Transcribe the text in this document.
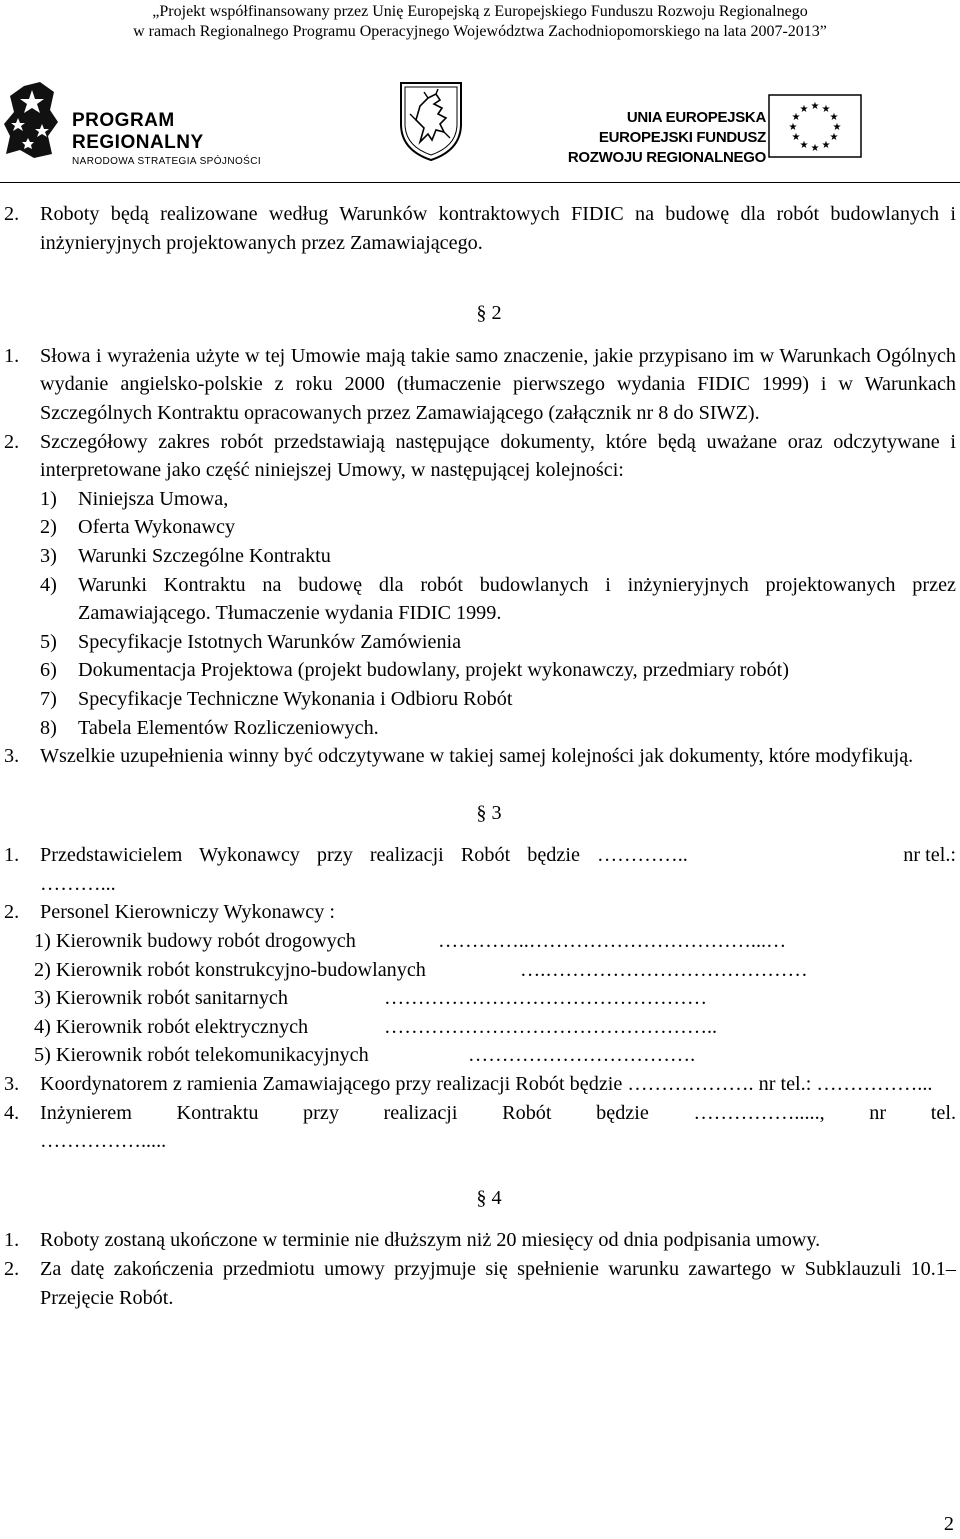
„Projekt współfinansowany przez Unię Europejską z Europejskiego Funduszu Rozwoju Regionalnego
w ramach Regionalnego Programu Operacyjnego Województwa Zachodniopomorskiego na lata 2007-2013”
PROGRAM REGIONALNY
NARODOWA STRATEGIA SPÓJNOŚCI
UNIA EUROPEJSKA
EUROPEJSKI FUNDUSZ
ROZWOJU REGIONALNEGO
★ ★
★
★
★
★
★
★
★
★
★
★
2. Roboty będą realizowane według Warunków kontraktowych FIDIC na budowę dla robót budowlanych i inżynieryjnych projektowanych przez Zamawiającego.
§ 2
1. Słowa i wyrażenia użyte w tej Umowie mają takie samo znaczenie, jakie przypisano im w Warunkach Ogólnych wydanie angielsko-polskie z roku 2000 (tłumaczenie pierwszego wydania FIDIC 1999) i w Warunkach Szczególnych Kontraktu opracowanych przez Zamawiającego (załącznik nr 8 do SIWZ).
2. Szczegółowy zakres robót przedstawiają następujące dokumenty, które będą uważane oraz odczytywane i interpretowane jako część niniejszej Umowy, w następującej kolejności:
1) Niniejsza Umowa,
2) Oferta Wykonawcy
3) Warunki Szczególne Kontraktu
4) Warunki Kontraktu na budowę dla robót budowlanych i inżynieryjnych projektowanych przez Zamawiającego. Tłumaczenie wydania FIDIC 1999.
5) Specyfikacje Istotnych Warunków Zamówienia
6) Dokumentacja Projektowa (projekt budowlany, projekt wykonawczy, przedmiary robót)
7) Specyfikacje Techniczne Wykonania i Odbioru Robót
8) Tabela Elementów Rozliczeniowych.
3. Wszelkie uzupełnienia winny być odczytywane w takiej samej kolejności jak dokumenty, które modyfikują.
§ 3
1. Przedstawicielem Wykonawcy przy realizacji Robót będzie …………..	nr tel.:
………...
2. Personel Kierowniczy Wykonawcy :
1) Kierownik budowy robót drogowych	…………..……………………………...…
2) Kierownik robót konstrukcyjno-budowlanych	….…………………………………
3) Kierownik robót sanitarnych	…………………………………………
4) Kierownik robót elektrycznych	…………………………………………..
5) Kierownik robót telekomunikacyjnych	…………………………….
3. Koordynatorem z ramienia Zamawiającego przy realizacji Robót będzie ………………. nr tel.: ……………...
4. Inżynierem Kontraktu przy realizacji Robót będzie ……………....., nr tel.
…………….....
§ 4
1. Roboty zostaną ukończone w terminie nie dłuższym niż 20 miesięcy od dnia podpisania umowy.
2. Za datę zakończenia przedmiotu umowy przyjmuje się spełnienie warunku zawartego w Subklauzuli 10.1– Przejęcie Robót.
2
